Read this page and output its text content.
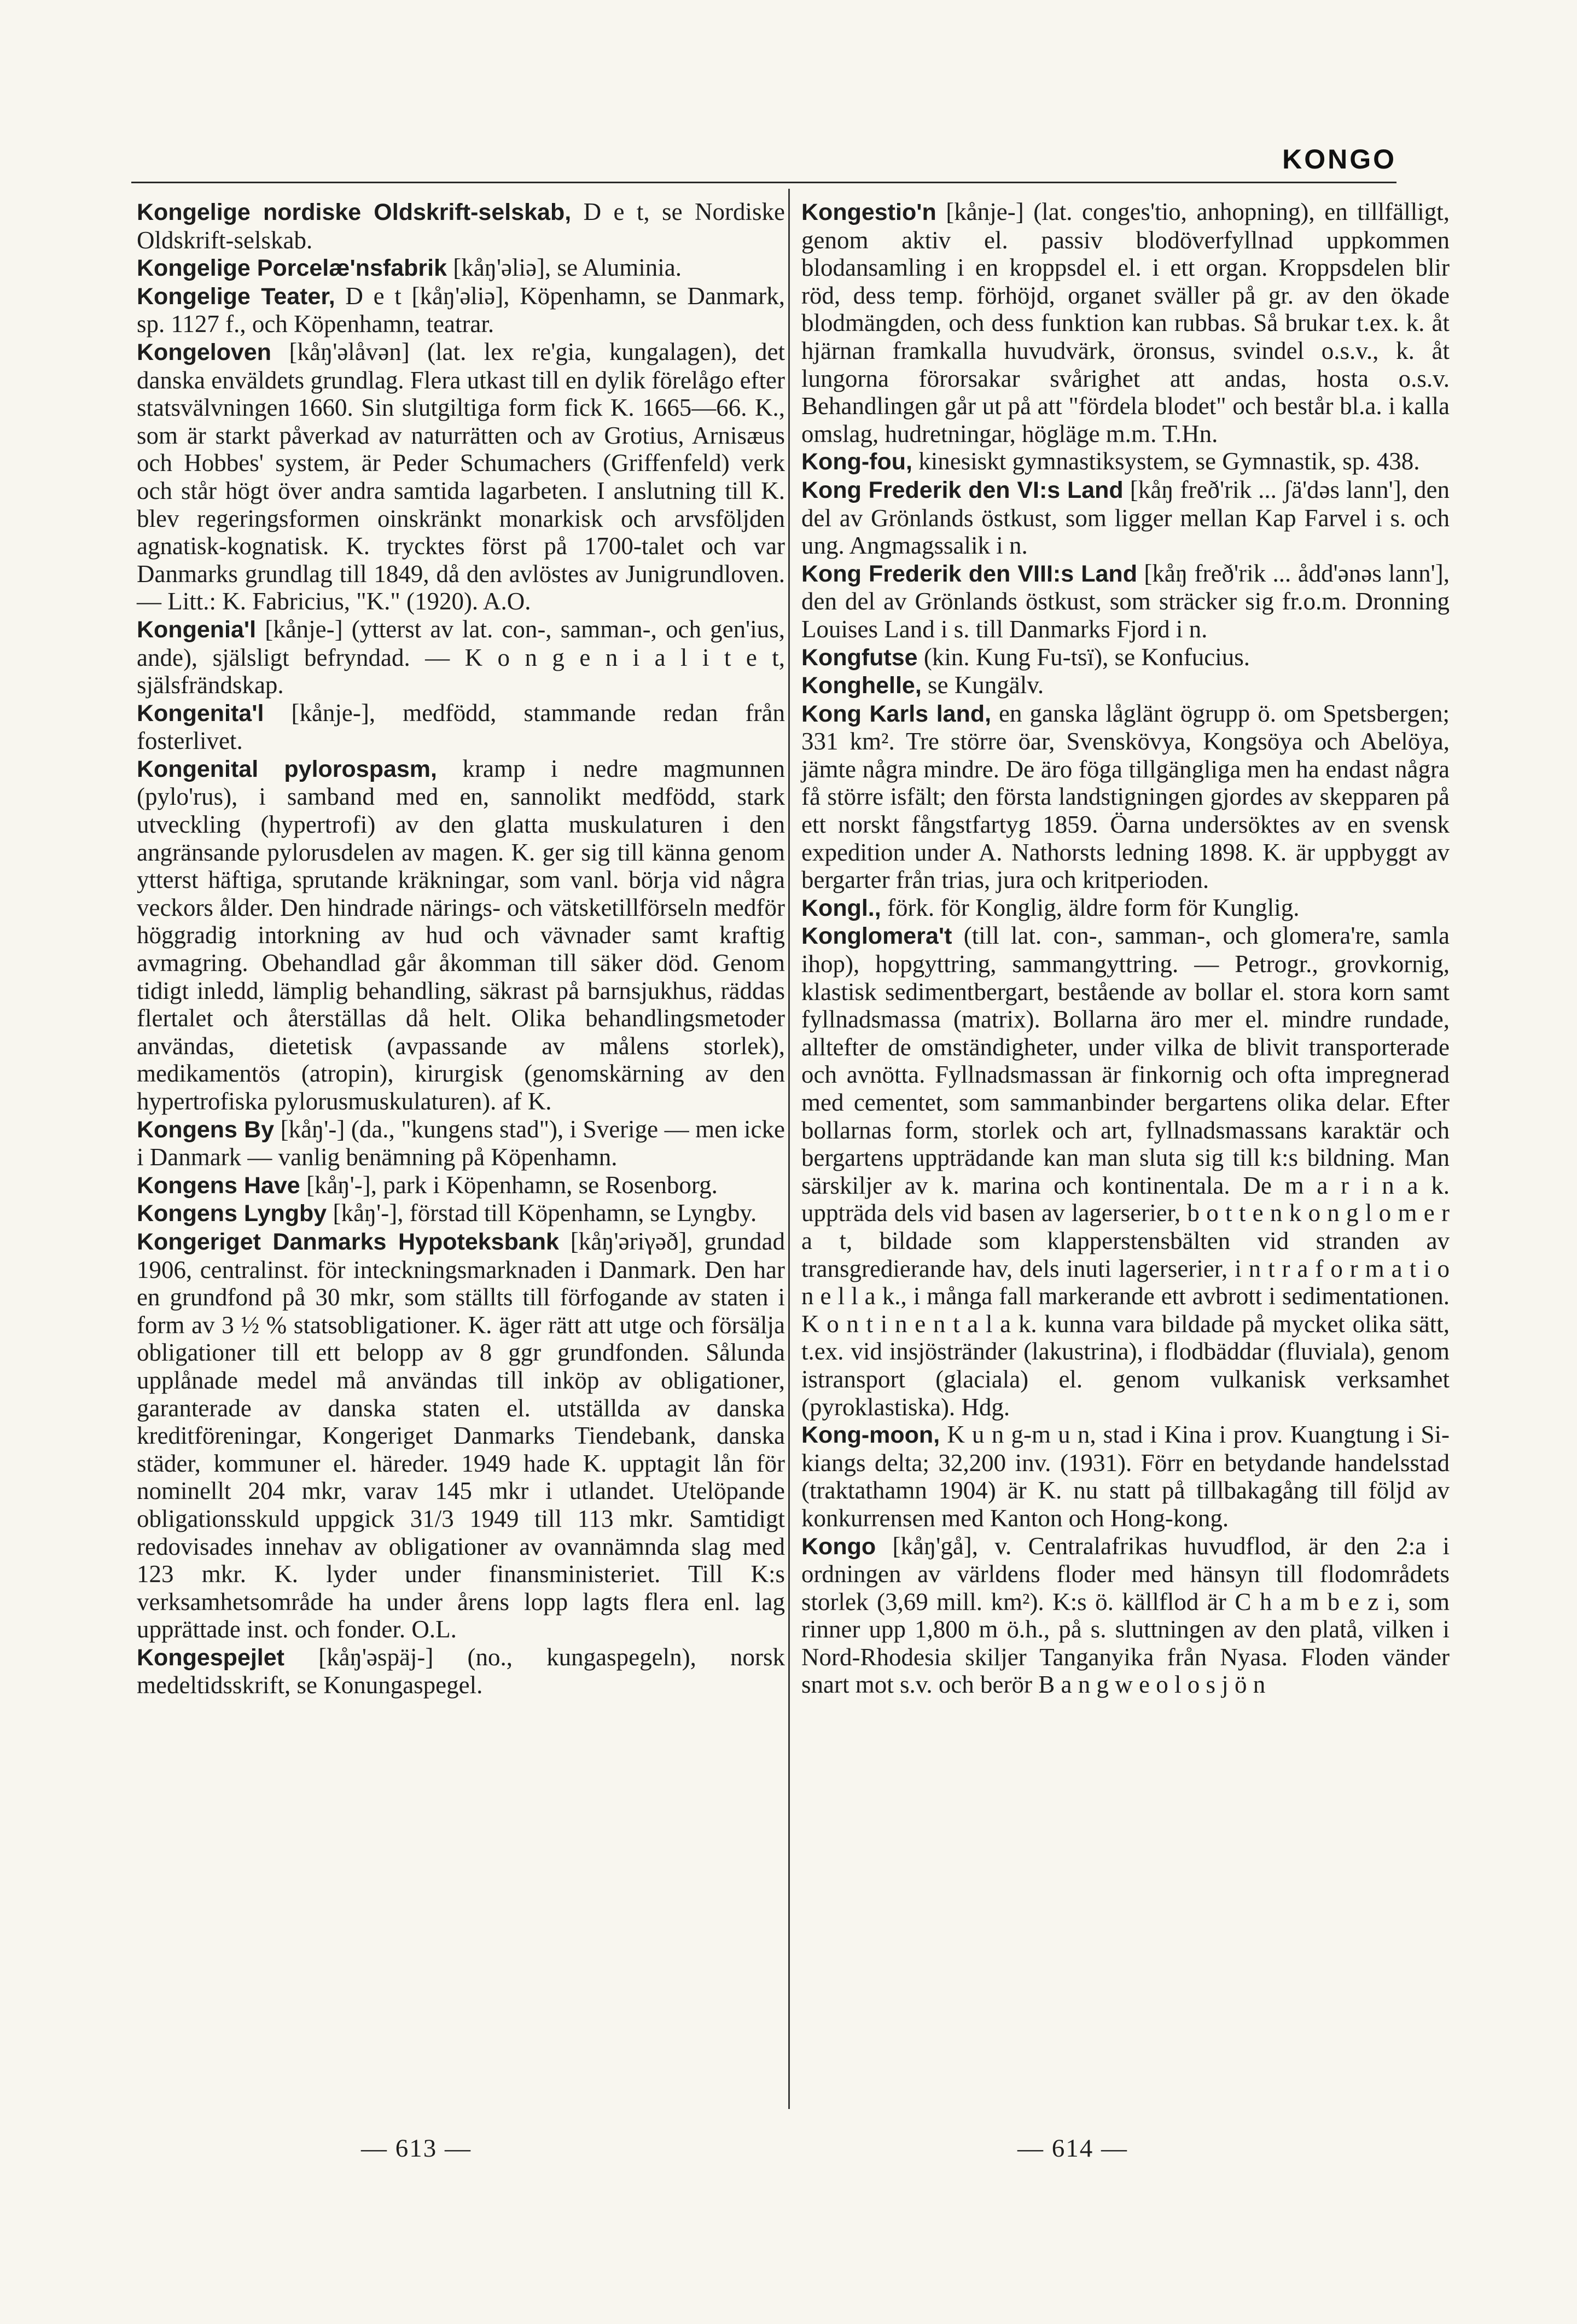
KONGO

Kongelige nordiske Oldskrift-selskab, D e t, se Nordiske Oldskrift-selskab.

Kongelige Porcelæ'nsfabrik [kåŋ'əliə], se Aluminia.

Kongelige Teater, D e t [kåŋ'əliə], Köpenhamn, se Danmark, sp. 1127 f., och Köpenhamn, teatrar.

Kongeloven [kåŋ'əlåvən] (lat. lex re'gia, kungalagen), det danska enväldets grundlag. Flera utkast till en dylik förelågo efter statsvälvningen 1660. Sin slutgiltiga form fick K. 1665—66. K., som är starkt påverkad av naturrätten och av Grotius, Arnisæus och Hobbes' system, är Peder Schumachers (Griffenfeld) verk och står högt över andra samtida lagarbeten. I anslutning till K. blev regeringsformen oinskränkt monarkisk och arvsföljden agnatisk-kognatisk. K. trycktes först på 1700-talet och var Danmarks grundlag till 1849, då den avlöstes av Junigrundloven. — Litt.: K. Fabricius, "K." (1920). A.O.

Kongenia'l [kånje-] (ytterst av lat. con-, samman-, och gen'ius, ande), själsligt befryndad. — K o n g e n i a l i t e t, själsfrändskap.

Kongenita'l [kånje-], medfödd, stammande redan från fosterlivet.

Kongenital pylorospasm, kramp i nedre magmunnen (pylo'rus), i samband med en, sannolikt medfödd, stark utveckling (hypertrofi) av den glatta muskulaturen i den angränsande pylorusdelen av magen. K. ger sig till känna genom ytterst häftiga, sprutande kräkningar, som vanl. börja vid några veckors ålder. Den hindrade närings- och vätsketillförseln medför höggradig intorkning av hud och vävnader samt kraftig avmagring. Obehandlad går åkomman till säker död. Genom tidigt inledd, lämplig behandling, säkrast på barnsjukhus, räddas flertalet och återställas då helt. Olika behandlingsmetoder användas, dietetisk (avpassande av målens storlek), medikamentös (atropin), kirurgisk (genomskärning av den hypertrofiska pylorusmuskulaturen). af K.

Kongens By [kåŋ'-] (da., "kungens stad"), i Sverige — men icke i Danmark — vanlig benämning på Köpenhamn.

Kongens Have [kåŋ'-], park i Köpenhamn, se Rosenborg.

Kongens Lyngby [kåŋ'-], förstad till Köpenhamn, se Lyngby.

Kongeriget Danmarks Hypoteksbank [kåŋ'əriγəð], grundad 1906, centralinst. för inteckningsmarknaden i Danmark. Den har en grundfond på 30 mkr, som ställts till förfogande av staten i form av 3 ½ % statsobligationer. K. äger rätt att utge och försälja obligationer till ett belopp av 8 ggr grundfonden. Sålunda upplånade medel må användas till inköp av obligationer, garanterade av danska staten el. utställda av danska kreditföreningar, Kongeriget Danmarks Tiendebank, danska städer, kommuner el. häreder. 1949 hade K. upptagit lån för nominellt 204 mkr, varav 145 mkr i utlandet. Utelöpande obligationsskuld uppgick 31/3 1949 till 113 mkr. Samtidigt redovisades innehav av obligationer av ovannämnda slag med 123 mkr. K. lyder under finansministeriet. Till K:s verksamhetsområde ha under årens lopp lagts flera enl. lag upprättade inst. och fonder. O.L.

Kongespejlet [kåŋ'əspäj-] (no., kungaspegeln), norsk medeltidsskrift, se Konungaspegel.

Kongestio'n [kånje-] (lat. conges'tio, anhopning), en tillfälligt, genom aktiv el. passiv blodöverfyllnad uppkommen blodansamling i en kroppsdel el. i ett organ. Kroppsdelen blir röd, dess temp. förhöjd, organet sväller på gr. av den ökade blodmängden, och dess funktion kan rubbas. Så brukar t.ex. k. åt hjärnan framkalla huvudvärk, öronsus, svindel o.s.v., k. åt lungorna förorsakar svårighet att andas, hosta o.s.v. Behandlingen går ut på att "fördela blodet" och består bl.a. i kalla omslag, hudretningar, högläge m.m. T.Hn.

Kong-fou, kinesiskt gymnastiksystem, se Gymnastik, sp. 438.

Kong Frederik den VI:s Land [kåŋ freð'rik ... ʃä'dəs lann'], den del av Grönlands östkust, som ligger mellan Kap Farvel i s. och ung. Angmagssalik i n.

Kong Frederik den VIII:s Land [kåŋ freð'rik ... ådd'ənəs lann'], den del av Grönlands östkust, som sträcker sig fr.o.m. Dronning Louises Land i s. till Danmarks Fjord i n.

Kongfutse (kin. Kung Fu-tsï), se Konfucius.

Konghelle, se Kungälv.

Kong Karls land, en ganska låglänt ögrupp ö. om Spetsbergen; 331 km². Tre större öar, Svenskövya, Kongsöya och Abelöya, jämte några mindre. De äro föga tillgängliga men ha endast några få större isfält; den första landstigningen gjordes av skepparen på ett norskt fångstfartyg 1859. Öarna undersöktes av en svensk expedition under A. Nathorsts ledning 1898. K. är uppbyggt av bergarter från trias, jura och kritperioden.

Kongl., förk. för Konglig, äldre form för Kunglig.

Konglomera't (till lat. con-, samman-, och glomera're, samla ihop), hopgyttring, sammangyttring. — Petrogr., grovkornig, klastisk sedimentbergart, bestående av bollar el. stora korn samt fyllnadsmassa (matrix). Bollarna äro mer el. mindre rundade, alltefter de omständigheter, under vilka de blivit transporterade och avnötta. Fyllnadsmassan är finkornig och ofta impregnerad med cementet, som sammanbinder bergartens olika delar. Efter bollarnas form, storlek och art, fyllnadsmassans karaktär och bergartens uppträdande kan man sluta sig till k:s bildning. Man särskiljer av k. marina och kontinentala. De m a r i n a k. uppträda dels vid basen av lagerserier, b o t t e n k o n g l o m e r a t, bildade som klapperstensbälten vid stranden av transgredierande hav, dels inuti lagerserier, i n t r a f o r m a t i o n e l l a k., i många fall markerande ett avbrott i sedimentationen. K o n t i n e n t a l a k. kunna vara bildade på mycket olika sätt, t.ex. vid insjöstränder (lakustrina), i flodbäddar (fluviala), genom istransport (glaciala) el. genom vulkanisk verksamhet (pyroklastiska). Hdg.

Kong-moon, K u n g-m u n, stad i Kina i prov. Kuangtung i Si-kiangs delta; 32,200 inv. (1931). Förr en betydande handelsstad (traktathamn 1904) är K. nu statt på tillbakagång till följd av konkurrensen med Kanton och Hong-kong.

Kongo [kåŋ'gå], v. Centralafrikas huvudflod, är den 2:a i ordningen av världens floder med hänsyn till flodområdets storlek (3,69 mill. km²). K:s ö. källflod är C h a m b e z i, som rinner upp 1,800 m ö.h., på s. sluttningen av den platå, vilken i Nord-Rhodesia skiljer Tanganyika från Nyasa. Floden vänder snart mot s.v. och berör B a n g w e o l o s j ö n

— 613 —	— 614 —
